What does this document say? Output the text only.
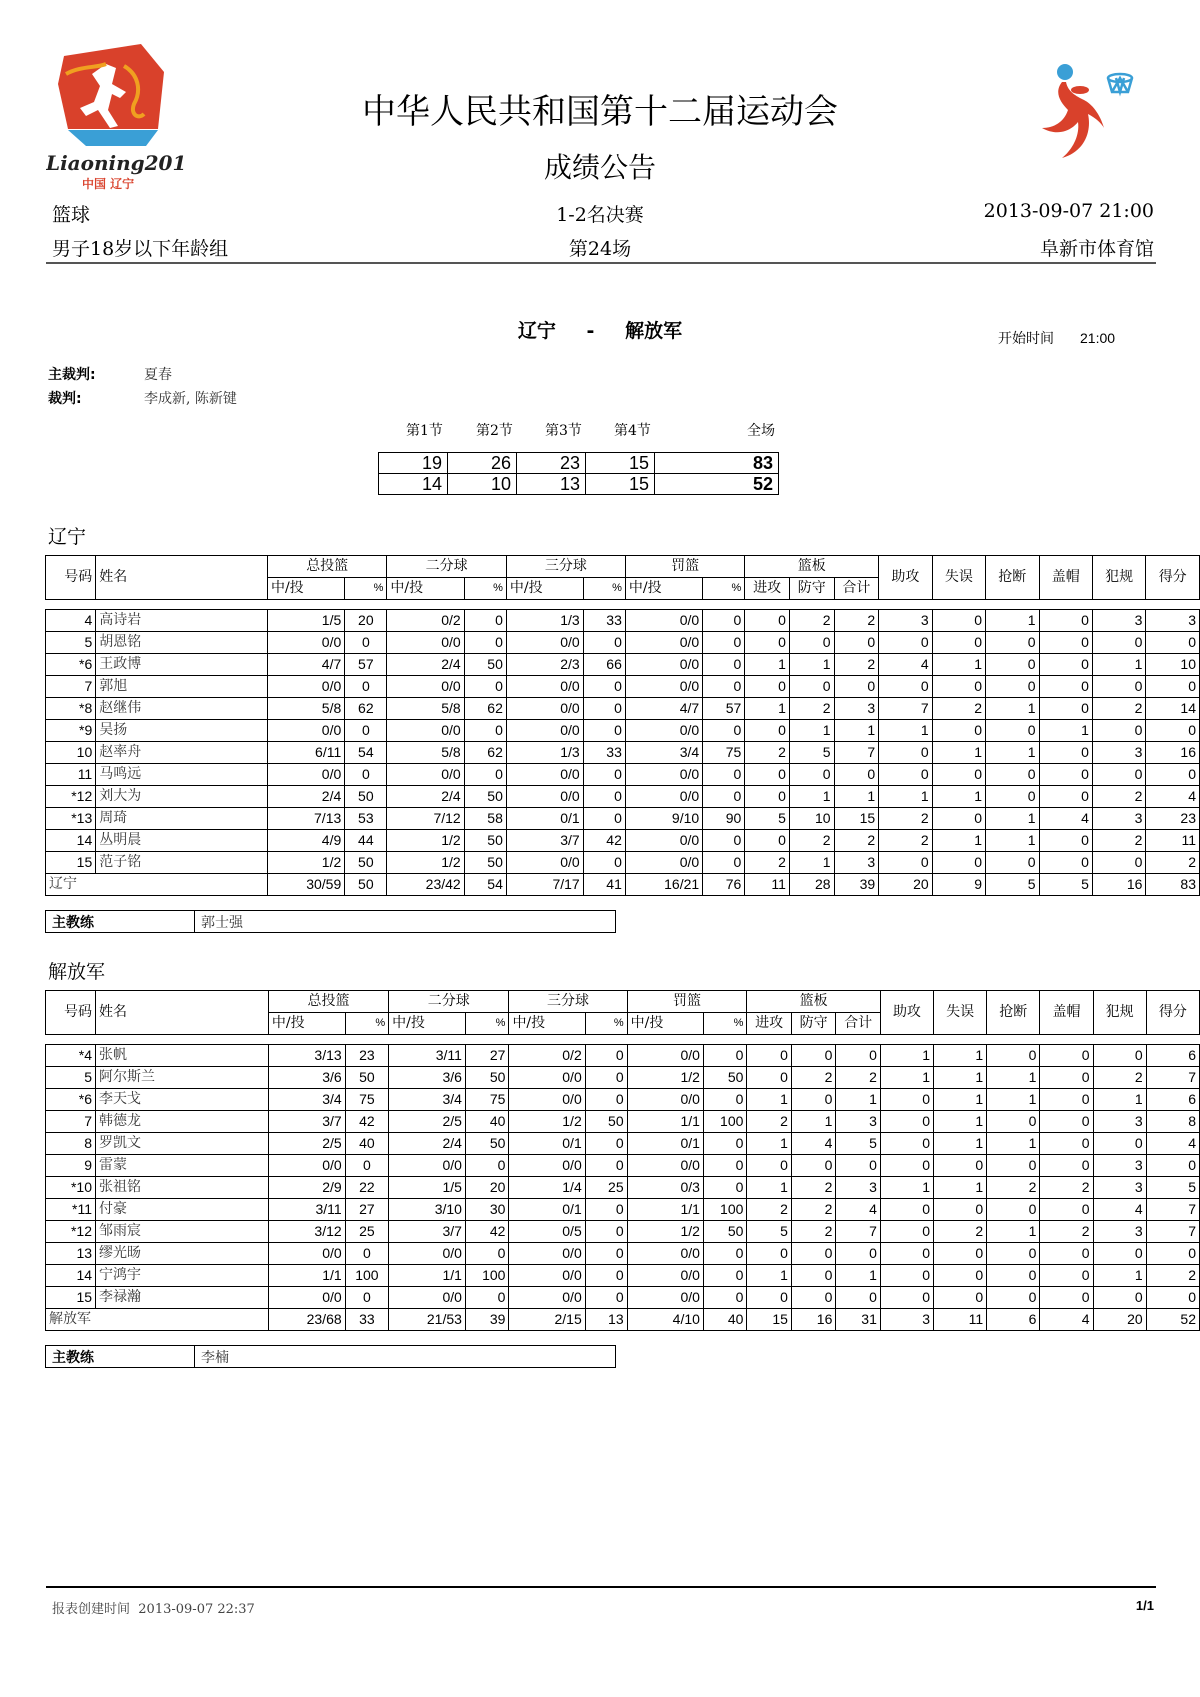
Liaoning2013
中国 辽宁
中华人民共和国第十二届运动会
成绩公告
篮球	1-2名决赛	2013-09-07 21:00
男子18岁以下年龄组	第24场	阜新市体育馆
辽宁 - 解放军	开始时间 21:00
主裁判:	夏春
裁判:	李成新, 陈新键
第1节 第2节 第3节 第4节	全场
19	26	23	15	83
14	10	13	15	52
辽宁
号码	姓名	总投篮		二分球		三分球		罚篮		篮板			助攻	失误	抢断	盖帽	犯规	得分
		中/投	%	中/投	%	中/投	%	中/投	%	进攻	防守	合计						

4	高诗岩	1/5	20	0/2	0	1/3	33	0/0	0	0	2	2	3	0	1	0	3	3
5	胡恩铭	0/0	0	0/0	0	0/0	0	0/0	0	0	0	0	0	0	0	0	0	0
*6	王政博	4/7	57	2/4	50	2/3	66	0/0	0	1	1	2	4	1	0	0	1	10
7	郭旭	0/0	0	0/0	0	0/0	0	0/0	0	0	0	0	0	0	0	0	0	0
*8	赵继伟	5/8	62	5/8	62	0/0	0	4/7	57	1	2	3	7	2	1	0	2	14
*9	吴扬	0/0	0	0/0	0	0/0	0	0/0	0	0	1	1	1	0	0	1	0	0
10	赵率舟	6/11	54	5/8	62	1/3	33	3/4	75	2	5	7	0	1	1	0	3	16
11	马鸣远	0/0	0	0/0	0	0/0	0	0/0	0	0	0	0	0	0	0	0	0	0
*12	刘大为	2/4	50	2/4	50	0/0	0	0/0	0	0	1	1	1	1	0	0	2	4
*13	周琦	7/13	53	7/12	58	0/1	0	9/10	90	5	10	15	2	0	1	4	3	23
14	丛明晨	4/9	44	1/2	50	3/7	42	0/0	0	0	2	2	2	1	1	0	2	11
15	范子铭	1/2	50	1/2	50	0/0	0	0/0	0	2	1	3	0	0	0	0	0	2
辽宁		30/59	50	23/42	54	7/17	41	16/21	76	11	28	39	20	9	5	5	16	83
主教练	郭士强
解放军
号码	姓名	总投篮		二分球		三分球		罚篮		篮板			助攻	失误	抢断	盖帽	犯规	得分
		中/投	%	中/投	%	中/投	%	中/投	%	进攻	防守	合计						

*4	张帆	3/13	23	3/11	27	0/2	0	0/0	0	0	0	0	1	1	0	0	0	6
5	阿尔斯兰	3/6	50	3/6	50	0/0	0	1/2	50	0	2	2	1	1	1	0	2	7
*6	李天戈	3/4	75	3/4	75	0/0	0	0/0	0	1	0	1	0	1	1	0	1	6
7	韩德龙	3/7	42	2/5	40	1/2	50	1/1	100	2	1	3	0	1	0	0	3	8
8	罗凯文	2/5	40	2/4	50	0/1	0	0/1	0	1	4	5	0	1	1	0	0	4
9	雷蒙	0/0	0	0/0	0	0/0	0	0/0	0	0	0	0	0	0	0	0	3	0
*10	张祖铭	2/9	22	1/5	20	1/4	25	0/3	0	1	2	3	1	1	2	2	3	5
*11	付豪	3/11	27	3/10	30	0/1	0	1/1	100	2	2	4	0	0	0	0	4	7
*12	邹雨宸	3/12	25	3/7	42	0/5	0	1/2	50	5	2	7	0	2	1	2	3	7
13	缪光旸	0/0	0	0/0	0	0/0	0	0/0	0	0	0	0	0	0	0	0	0	0
14	宁鸿宇	1/1	100	1/1	100	0/0	0	0/0	0	1	0	1	0	0	0	0	1	2
15	李禄瀚	0/0	0	0/0	0	0/0	0	0/0	0	0	0	0	0	0	0	0	0	0
解放军		23/68	33	21/53	39	2/15	13	4/10	40	15	16	31	3	11	6	4	20	52
主教练	李楠
报表创建时间 2013-09-07 22:37	1/1
